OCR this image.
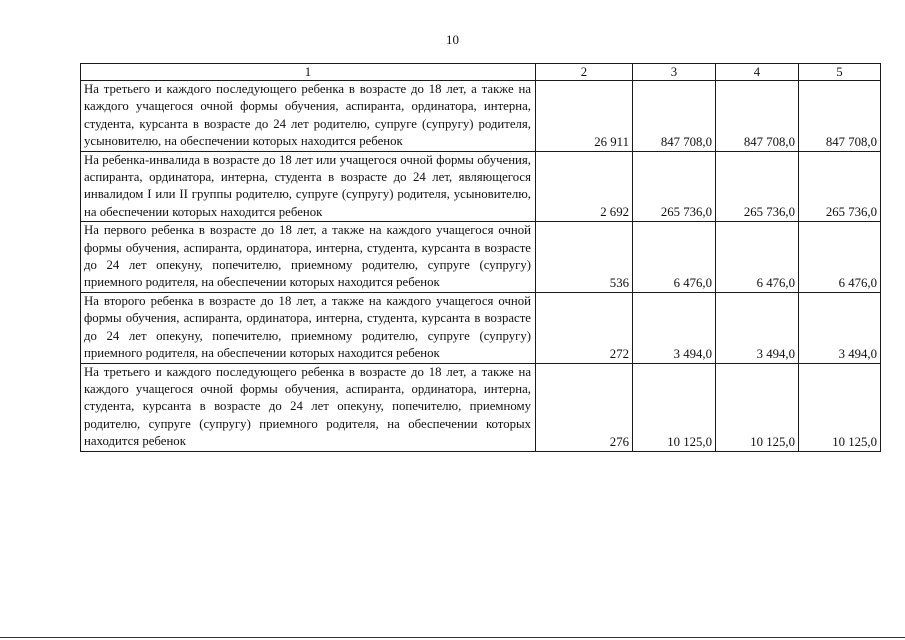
10
1	2	3	4	5
На третьего и каждого последующего ребенка в возрасте до 18 лет, а также на каждого учащегося очной формы обучения, аспиранта, ординатора, интерна, студента, курсанта в возрасте до 24 лет родителю, супруге (супругу) родителя, усыновителю, на обеспечении которых находится ребенок	26 911	847 708,0	847 708,0	847 708,0
На ребенка-инвалида в возрасте до 18 лет или учащегося очной формы обучения, аспиранта, ординатора, интерна, студента в возрасте до 24 лет, являющегося инвалидом I или II группы родителю, супруге (супругу) родителя, усыновителю, на обеспечении которых находится ребенок	2 692	265 736,0	265 736,0	265 736,0
На первого ребенка в возрасте до 18 лет, а также на каждого учащегося очной формы обучения, аспиранта, ординатора, интерна, студента, курсанта в возрасте до 24 лет опекуну, попечителю, приемному родителю, супруге (супругу) приемного родителя, на обеспечении которых находится ребенок	536	6 476,0	6 476,0	6 476,0
На второго ребенка в возрасте до 18 лет, а также на каждого учащегося очной формы обучения, аспиранта, ординатора, интерна, студента, курсанта в возрасте до 24 лет опекуну, попечителю, приемному родителю, супруге (супругу) приемного родителя, на обеспечении которых находится ребенок	272	3 494,0	3 494,0	3 494,0
На третьего и каждого последующего ребенка в возрасте до 18 лет, а также на каждого учащегося очной формы обучения, аспиранта, ординатора, интерна, студента, курсанта в возрасте до 24 лет опекуну, попечителю, приемному родителю, супруге (супругу) приемного родителя, на обеспечении которых находится ребенок	276	10 125,0	10 125,0	10 125,0
